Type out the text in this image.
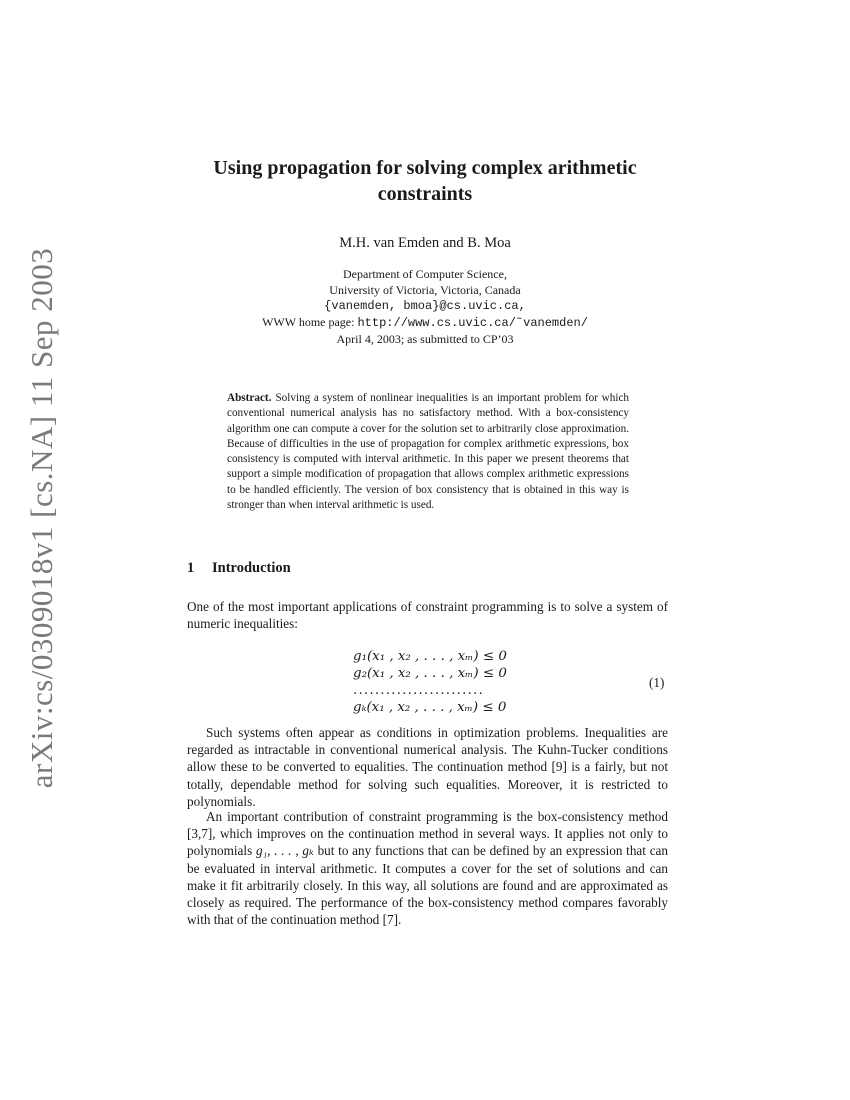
arXiv:cs/0309018v1 [cs.NA] 11 Sep 2003
Using propagation for solving complex arithmetic
constraints
M.H. van Emden and B. Moa
Department of Computer Science,
University of Victoria, Victoria, Canada
{vanemden, bmoa}@cs.uvic.ca,
WWW home page: http://www.cs.uvic.ca/˜vanemden/
April 4, 2003; as submitted to CP’03
Abstract. Solving a system of nonlinear inequalities is an important problem for which conventional numerical analysis has no satisfactory method. With a box-consistency algorithm one can compute a cover for the solution set to arbitrarily close approximation. Because of difficulties in the use of propagation for complex arithmetic expressions, box consistency is computed with interval arithmetic. In this paper we present theorems that support a simple modification of propagation that allows complex arithmetic expressions to be handled efficiently. The version of box consistency that is obtained in this way is stronger than when interval arithmetic is used.
1 Introduction
One of the most important applications of constraint programming is to solve a system of numeric inequalities:
g₁(x₁ , x₂ , . . . , xₘ) ≤ 0
g₂(x₁ , x₂ , . . . , xₘ) ≤ 0
........................
gₖ(x₁ , x₂ , . . . , xₘ) ≤ 0
(1)
Such systems often appear as conditions in optimization problems. Inequalities are regarded as intractable in conventional numerical analysis. The Kuhn-Tucker conditions allow these to be converted to equalities. The continuation method [9] is a fairly, but not totally, dependable method for solving such equalities. Moreover, it is restricted to polynomials.
An important contribution of constraint programming is the box-consistency method [3,7], which improves on the continuation method in several ways. It applies not only to polynomials g₁, . . . , gₖ but to any functions that can be defined by an expression that can be evaluated in interval arithmetic. It computes a cover for the set of solutions and can make it fit arbitrarily closely. In this way, all solutions are found and are approximated as closely as required. The performance of the box-consistency method compares favorably with that of the continuation method [7].
